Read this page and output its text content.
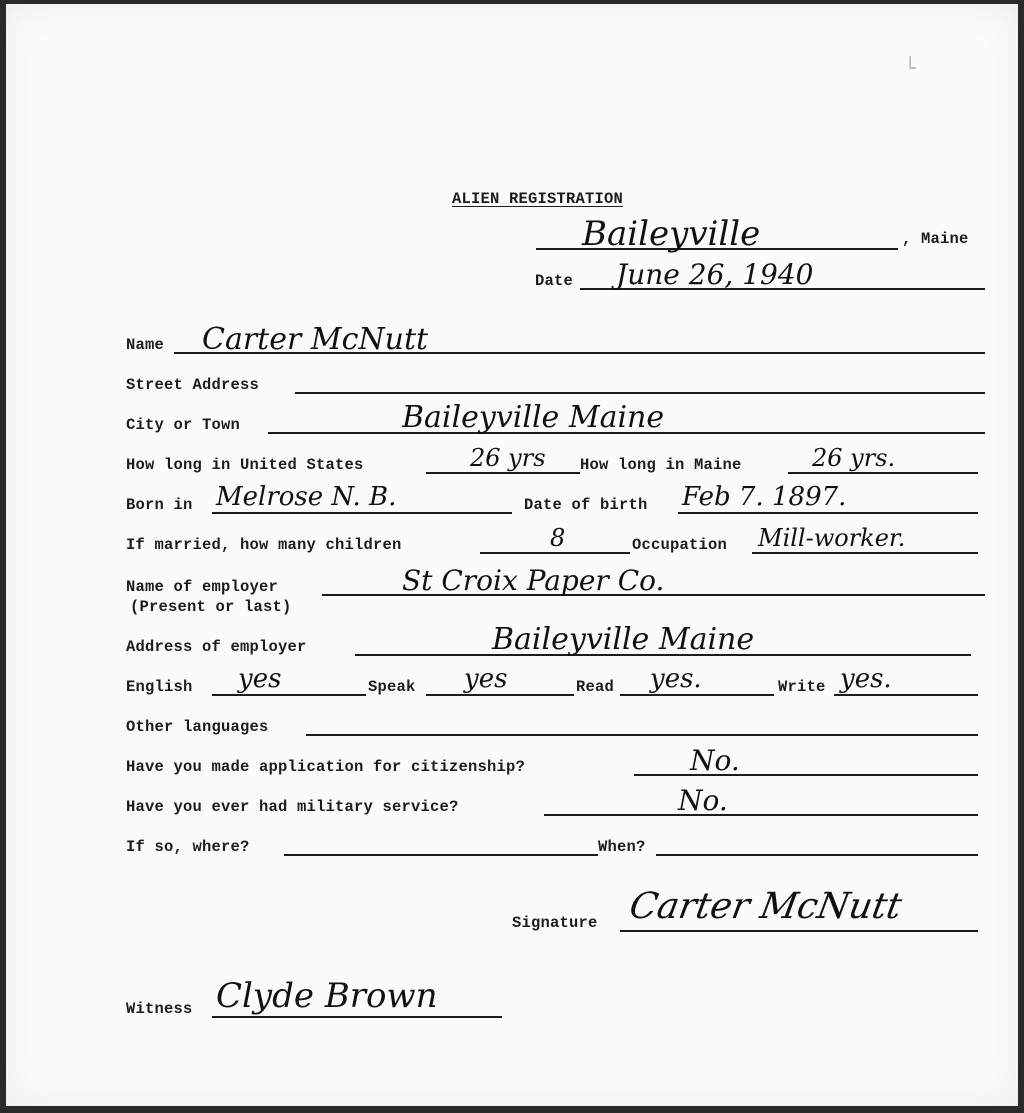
└
ALIEN REGISTRATION
Baileyville	, Maine
Date June 26, 1940
Name Carter McNutt
Street Address
City or Town	Baileyville Maine
How long in United States	26 yrs How long in Maine	26 yrs.
Born in Melrose N. B.	Date of birth Feb 7. 1897.
If married, how many children	8	Occupation Mill-worker.
Name of employer
(Present or last)
St Croix Paper Co.
Address of employer	Baileyville Maine
English yes	Speak yes	Read yes.	Write yes.
Other languages
Have you made application for citizenship?	No.
Have you ever had military service?	No.
If so, where?	When?
Signature Carter McNutt
Witness Clyde Brown
